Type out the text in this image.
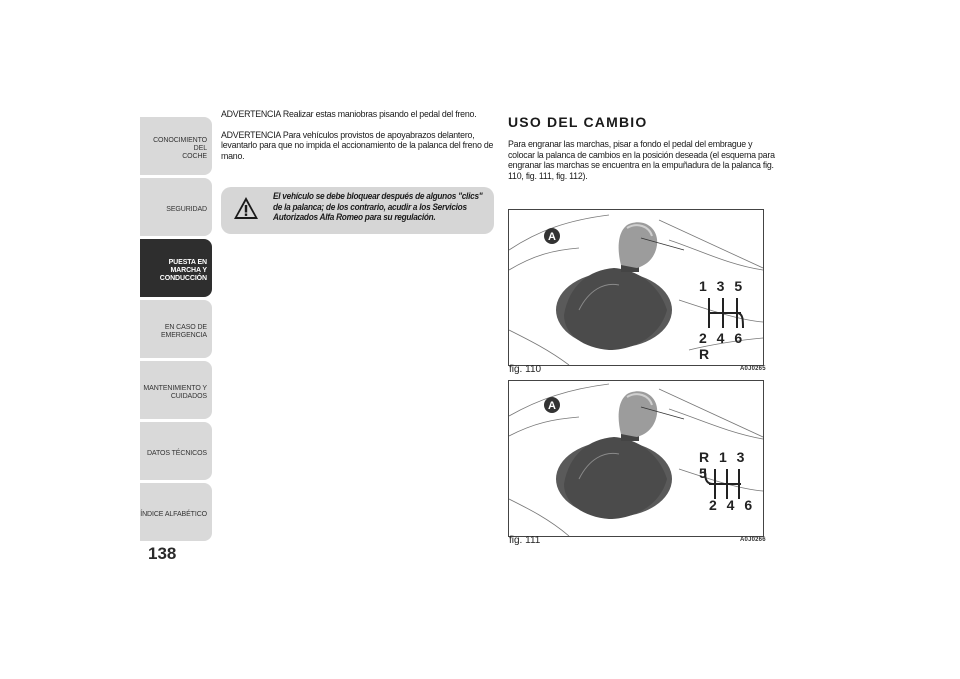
CONOCIMIENTO DEL
COCHE
SEGURIDAD
PUESTA EN
MARCHA Y
CONDUCCIÓN
EN CASO DE
EMERGENCIA
MANTENIMIENTO Y
CUIDADOS
DATOS TÉCNICOS
ÍNDICE ALFABÉTICO
138

ADVERTENCIA Realizar estas maniobras pisando el pedal del freno.

ADVERTENCIA Para vehículos provistos de apoyabrazos delantero, levantarlo para que no impida el accionamiento de la palanca del freno de mano.

El vehículo se debe bloquear después de algunos "clics" de la palanca; de los contrario, acudir a los Servicios Autorizados Alfa Romeo para su regulación.
USO DEL CAMBIO
Para engranar las marchas, pisar a fondo el pedal del embrague y colocar la palanca de cambios en la posición deseada (el esquema para engranar las marchas se encuentra en la empuñadura de la palanca fig. 110, fig. 111, fig. 112).
A
1 3 5
2 4 6 R
fig. 110	A0J0265
A
R 1 3 5
2 4 6
fig. 111	A0J0266
